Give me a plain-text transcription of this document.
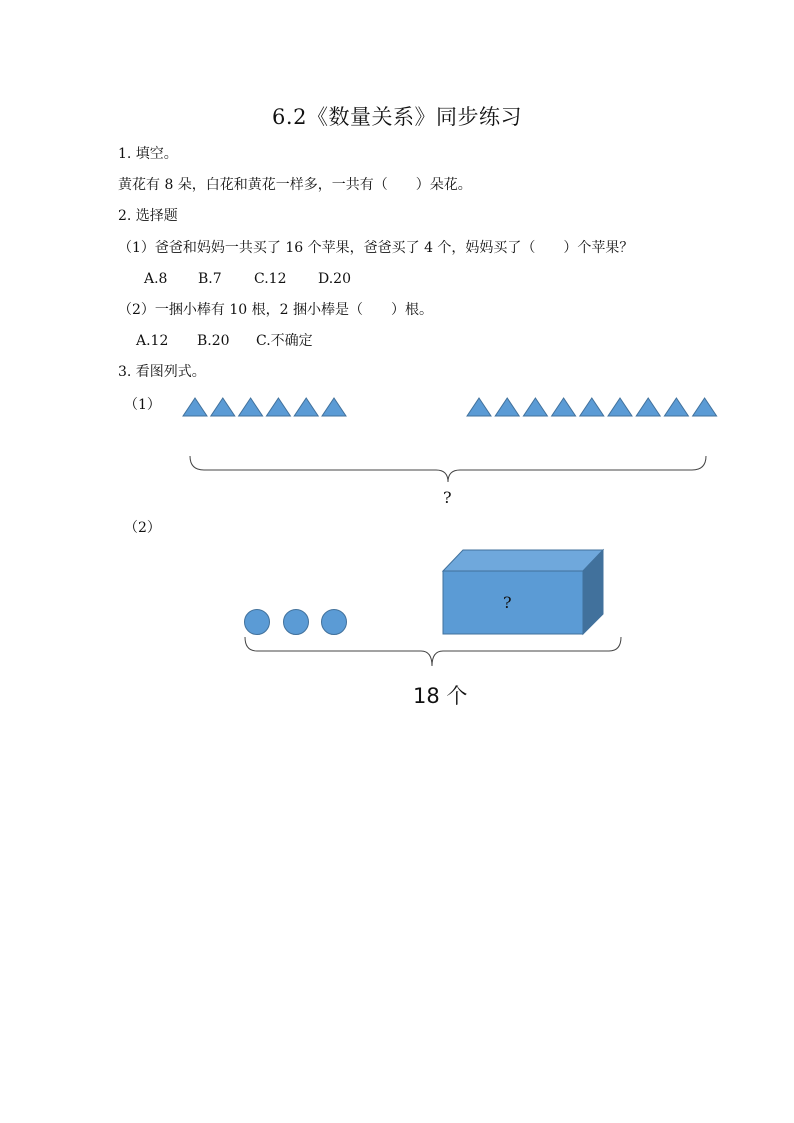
6.2《数量关系》同步练习
1. 填空。
黄花有 8 朵，白花和黄花一样多，一共有（　　）朵花。
2. 选择题
（1）爸爸和妈妈一共买了 16 个苹果，爸爸买了 4 个，妈妈买了（　　）个苹果？
A.8 B.7 C.12 D.20
（2）一捆小棒有 10 根，2 捆小棒是（　　）根。
A.12 B.20 C.不确定
3. 看图列式。
（1）
?
（2）
?
18 个
